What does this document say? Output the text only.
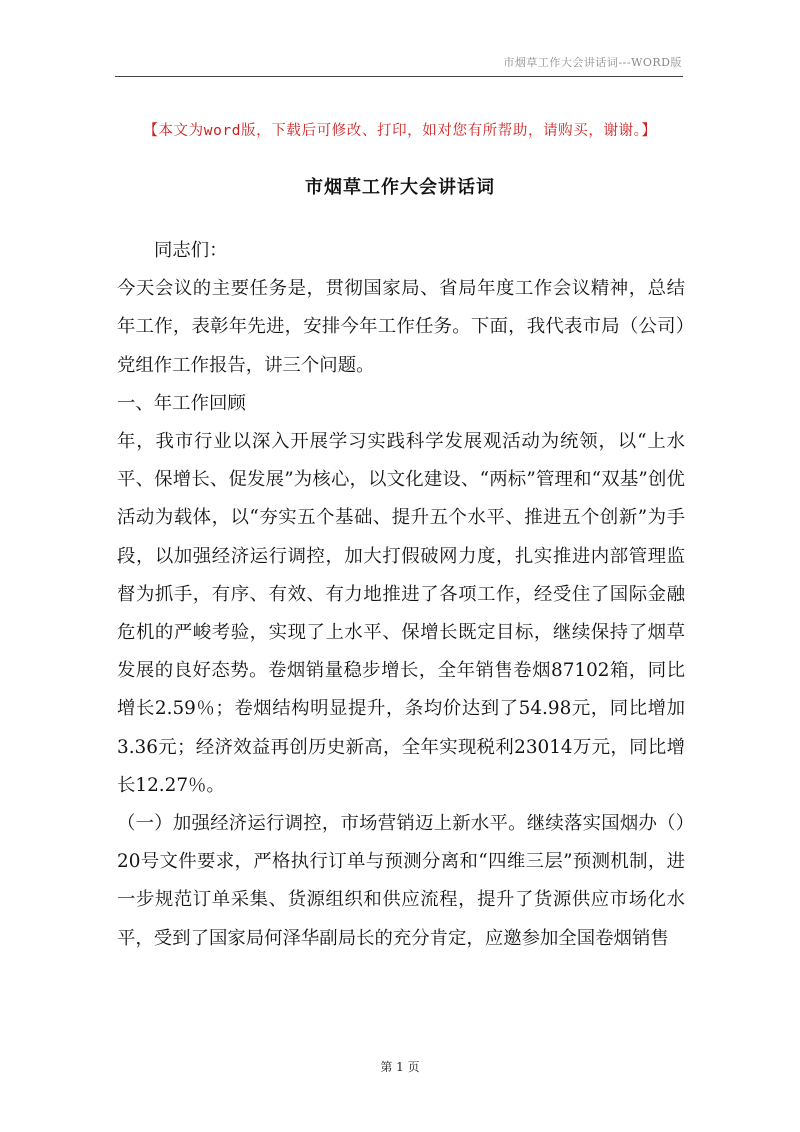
市烟草工作大会讲话词---WORD版
【本文为word版，下载后可修改、打印，如对您有所帮助，请购买，谢谢。】
市烟草工作大会讲话词

同志们：

今天会议的主要任务是，贯彻国家局、省局年度工作会议精神，总结年工作，表彰年先进，安排今年工作任务。下面，我代表市局（公司）党组作工作报告，讲三个问题。

一、年工作回顾

年，我市行业以深入开展学习实践科学发展观活动为统领，以“上水平、保增长、促发展”为核心，以文化建设、“两标”管理和“双基”创优活动为载体，以“夯实五个基础、提升五个水平、推进五个创新”为手段，以加强经济运行调控，加大打假破网力度，扎实推进内部管理监督为抓手，有序、有效、有力地推进了各项工作，经受住了国际金融危机的严峻考验，实现了上水平、保增长既定目标，继续保持了烟草发展的良好态势。卷烟销量稳步增长，全年销售卷烟87102箱，同比增长2.59％；卷烟结构明显提升，条均价达到了54.98元，同比增加3.36元；经济效益再创历史新高，全年实现税利23014万元，同比增长12.27％。

（一）加强经济运行调控，市场营销迈上新水平。继续落实国烟办（）20号文件要求，严格执行订单与预测分离和“四维三层”预测机制，进一步规范订单采集、货源组织和供应流程，提升了货源供应市场化水平，受到了国家局何泽华副局长的充分肯定，应邀参加全国卷烟销售

第 1 页
